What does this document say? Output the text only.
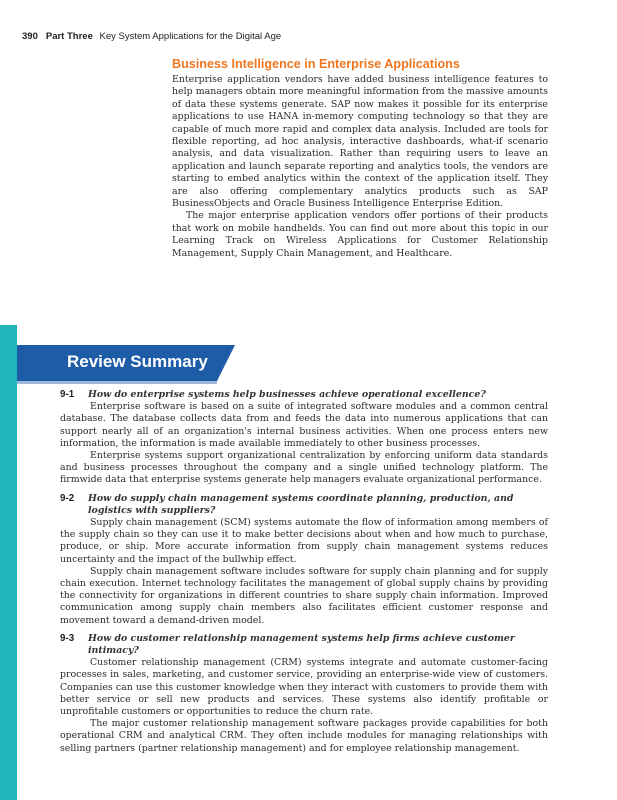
390 Part Three Key System Applications for the Digital Age
Business Intelligence in Enterprise Applications

Enterprise application vendors have added business intelligence features to help managers obtain more meaningful information from the massive amounts of data these systems generate. SAP now makes it possible for its enterprise applications to use HANA in-memory computing technology so that they are capable of much more rapid and complex data analysis. Included are tools for flexible reporting, ad hoc analysis, interactive dashboards, what-if scenario analysis, and data visualization. Rather than requiring users to leave an application and launch separate reporting and analytics tools, the vendors are starting to embed analytics within the context of the application itself. They are also offering complementary analytics products such as SAP BusinessObjects and Oracle Business Intelligence Enterprise Edition.

The major enterprise application vendors offer portions of their products that work on mobile handhelds. You can find out more about this topic in our Learning Track on Wireless Applications for Customer Relationship Management, Supply Chain Management, and Healthcare.

Review Summary

9-1 How do enterprise systems help businesses achieve operational excellence?

Enterprise software is based on a suite of integrated software modules and a common central database. The database collects data from and feeds the data into numerous applications that can support nearly all of an organization's internal business activities. When one process enters new information, the information is made available immediately to other business processes.

Enterprise systems support organizational centralization by enforcing uniform data standards and business processes throughout the company and a single unified technology platform. The firmwide data that enterprise systems generate help managers evaluate organizational performance.

9-2 How do supply chain management systems coordinate planning, production, and logistics with suppliers?

Supply chain management (SCM) systems automate the flow of information among members of the supply chain so they can use it to make better decisions about when and how much to purchase, produce, or ship. More accurate information from supply chain management systems reduces uncertainty and the impact of the bullwhip effect.

Supply chain management software includes software for supply chain planning and for supply chain execution. Internet technology facilitates the management of global supply chains by providing the connectivity for organizations in different countries to share supply chain information. Improved communication among supply chain members also facilitates efficient customer response and movement toward a demand-driven model.

9-3 How do customer relationship management systems help firms achieve customer intimacy?

Customer relationship management (CRM) systems integrate and automate customer-facing processes in sales, marketing, and customer service, providing an enterprise-wide view of customers. Companies can use this customer knowledge when they interact with customers to provide them with better service or sell new products and services. These systems also identify profitable or unprofitable customers or opportunities to reduce the churn rate.

The major customer relationship management software packages provide capabilities for both operational CRM and analytical CRM. They often include modules for managing relationships with selling partners (partner relationship management) and for employee relationship management.
